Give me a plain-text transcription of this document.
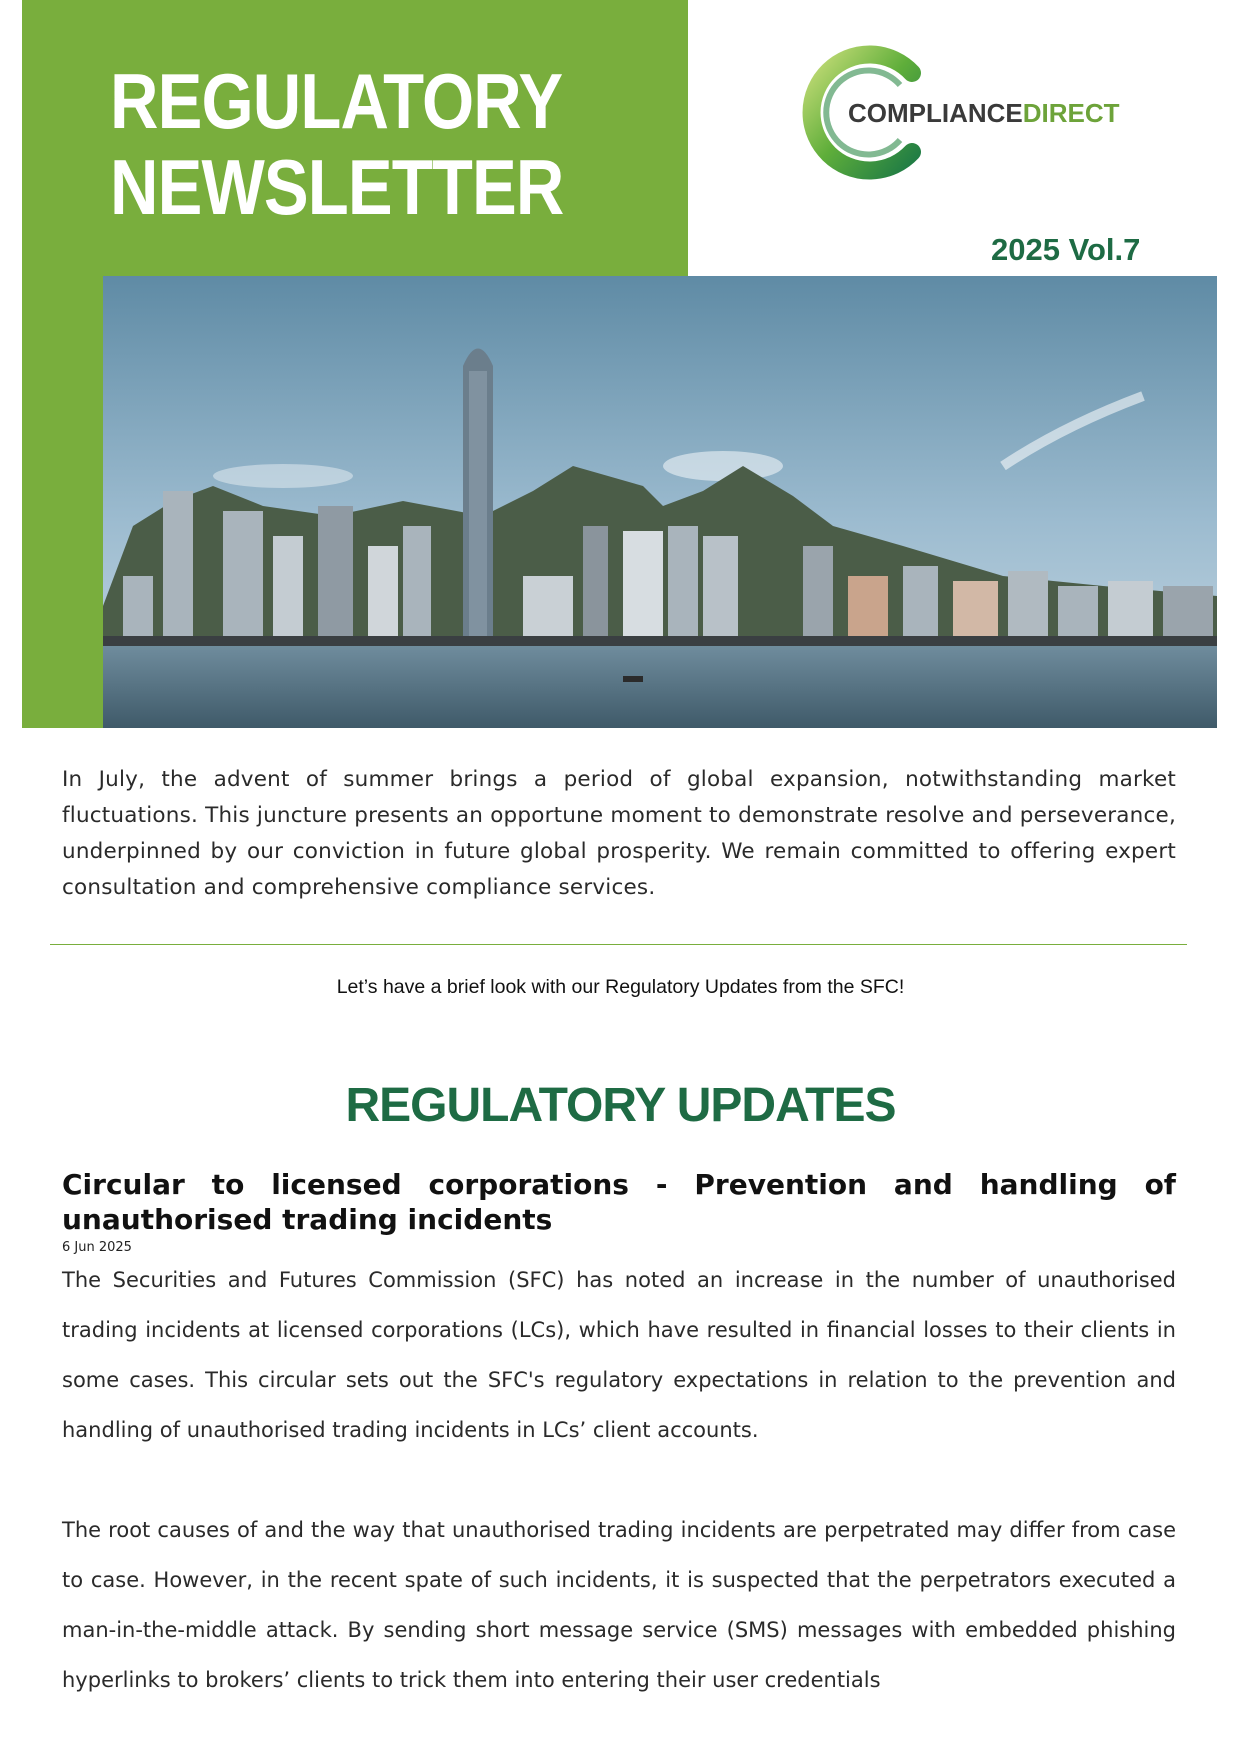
REGULATORY
NEWSLETTER
COMPLIANCEDIRECT
2025 Vol.7
In July, the advent of summer brings a period of global expansion, notwithstanding market fluctuations. This juncture presents an opportune moment to demonstrate resolve and perseverance, underpinned by our conviction in future global prosperity. We remain committed to offering expert consultation and comprehensive compliance services.
Let’s have a brief look with our Regulatory Updates from the SFC!
REGULATORY UPDATES
Circular to licensed corporations - Prevention and handling of unauthorised trading incidents
6 Jun 2025
The Securities and Futures Commission (SFC) has noted an increase in the number of unauthorised trading incidents at licensed corporations (LCs), which have resulted in financial losses to their clients in some cases. This circular sets out the SFC's regulatory expectations in relation to the prevention and handling of unauthorised trading incidents in LCs’ client accounts.
The root causes of and the way that unauthorised trading incidents are perpetrated may differ from case to case. However, in the recent spate of such incidents, it is suspected that the perpetrators executed a man-in-the-middle attack. By sending short message service (SMS) messages with embedded phishing hyperlinks to brokers’ clients to trick them into entering their user credentials
